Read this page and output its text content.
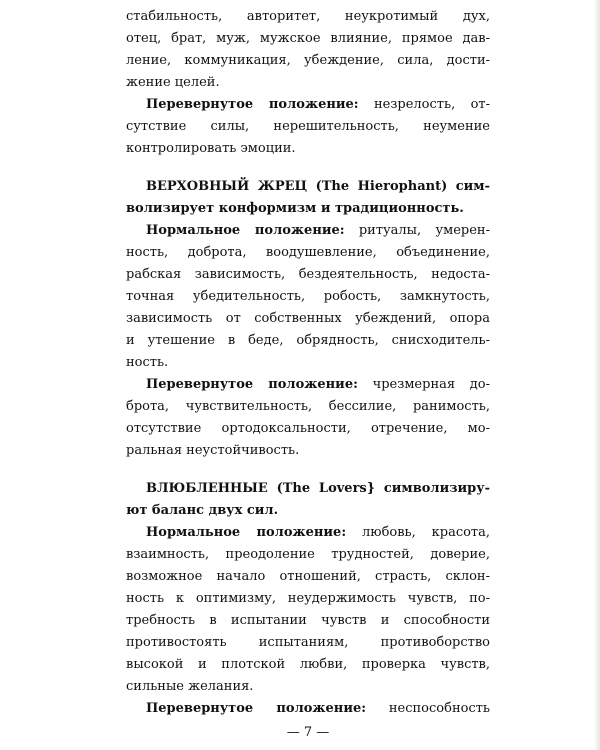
стабильность, авторитет, неукротимый дух,
отец, брат, муж, мужское влияние, прямое дав-
ление, коммуникация, убеждение, сила, дости-
жение целей.
Перевернутое положение: незрелость, от-
сутствие силы, нерешительность, неумение
контролировать эмоции.
ВЕРХОВНЫЙ ЖРЕЦ (The Hierophant) сим-
волизирует конформизм и традиционность.
Нормальное положение: ритуалы, умерен-
ность, доброта, воодушевление, объединение,
рабская зависимость, бездеятельность, недоста-
точная убедительность, робость, замкнутость,
зависимость от собственных убеждений, опора
и утешение в беде, обрядность, снисходитель-
ность.
Перевернутое положение: чрезмерная до-
брота, чувствительность, бессилие, ранимость,
отсутствие ортодоксальности, отречение, мо-
ральная неустойчивость.
ВЛЮБЛЕННЫЕ (The Lovers} символизиру-
ют баланс двух сил.
Нормальное положение: любовь, красота,
взаимность, преодоление трудностей, доверие,
возможное начало отношений, страсть, склон-
ность к оптимизму, неудержимость чувств, по-
требность в испытании чувств и способности
противостоять испытаниям, противоборство
высокой и плотской любви, проверка чувств,
сильные желания.
Перевернутое положение: неспособность
— 7 —
